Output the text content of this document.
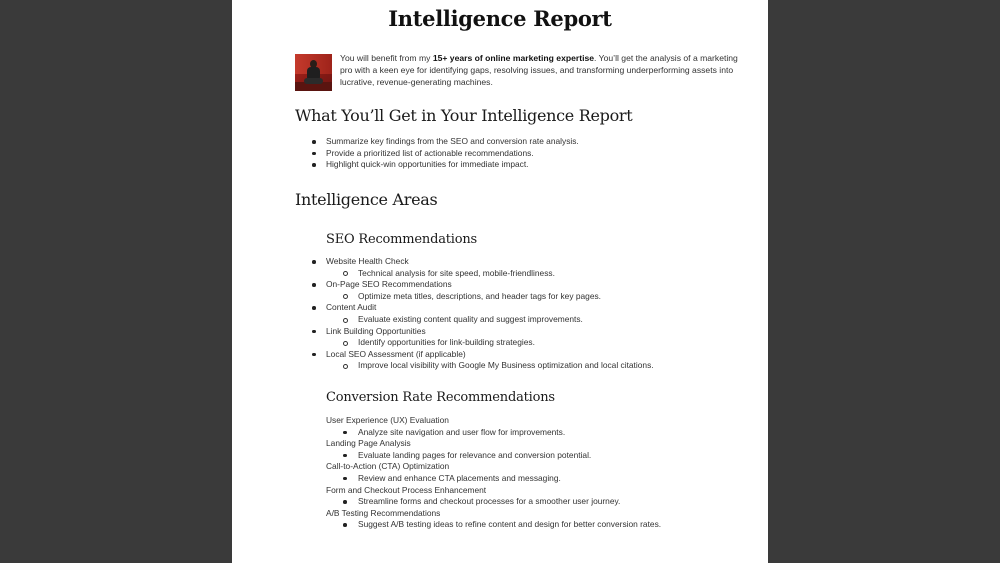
Intelligence Report
You will benefit from my 15+ years of online marketing expertise. You’ll get the analysis of a marketing pro with a keen eye for identifying gaps, resolving issues, and transforming underperforming assets into lucrative, revenue-generating machines.
What You’ll Get in Your Intelligence Report
Summarize key findings from the SEO and conversion rate analysis.
Provide a prioritized list of actionable recommendations.
Highlight quick-win opportunities for immediate impact.
Intelligence Areas
SEO Recommendations
Website Health Check
Technical analysis for site speed, mobile-friendliness.
On-Page SEO Recommendations
Optimize meta titles, descriptions, and header tags for key pages.
Content Audit
Evaluate existing content quality and suggest improvements.
Link Building Opportunities
Identify opportunities for link-building strategies.
Local SEO Assessment (if applicable)
Improve local visibility with Google My Business optimization and local citations.
Conversion Rate Recommendations
User Experience (UX) Evaluation
Analyze site navigation and user flow for improvements.
Landing Page Analysis
Evaluate landing pages for relevance and conversion potential.
Call-to-Action (CTA) Optimization
Review and enhance CTA placements and messaging.
Form and Checkout Process Enhancement
Streamline forms and checkout processes for a smoother user journey.
A/B Testing Recommendations
Suggest A/B testing ideas to refine content and design for better conversion rates.
